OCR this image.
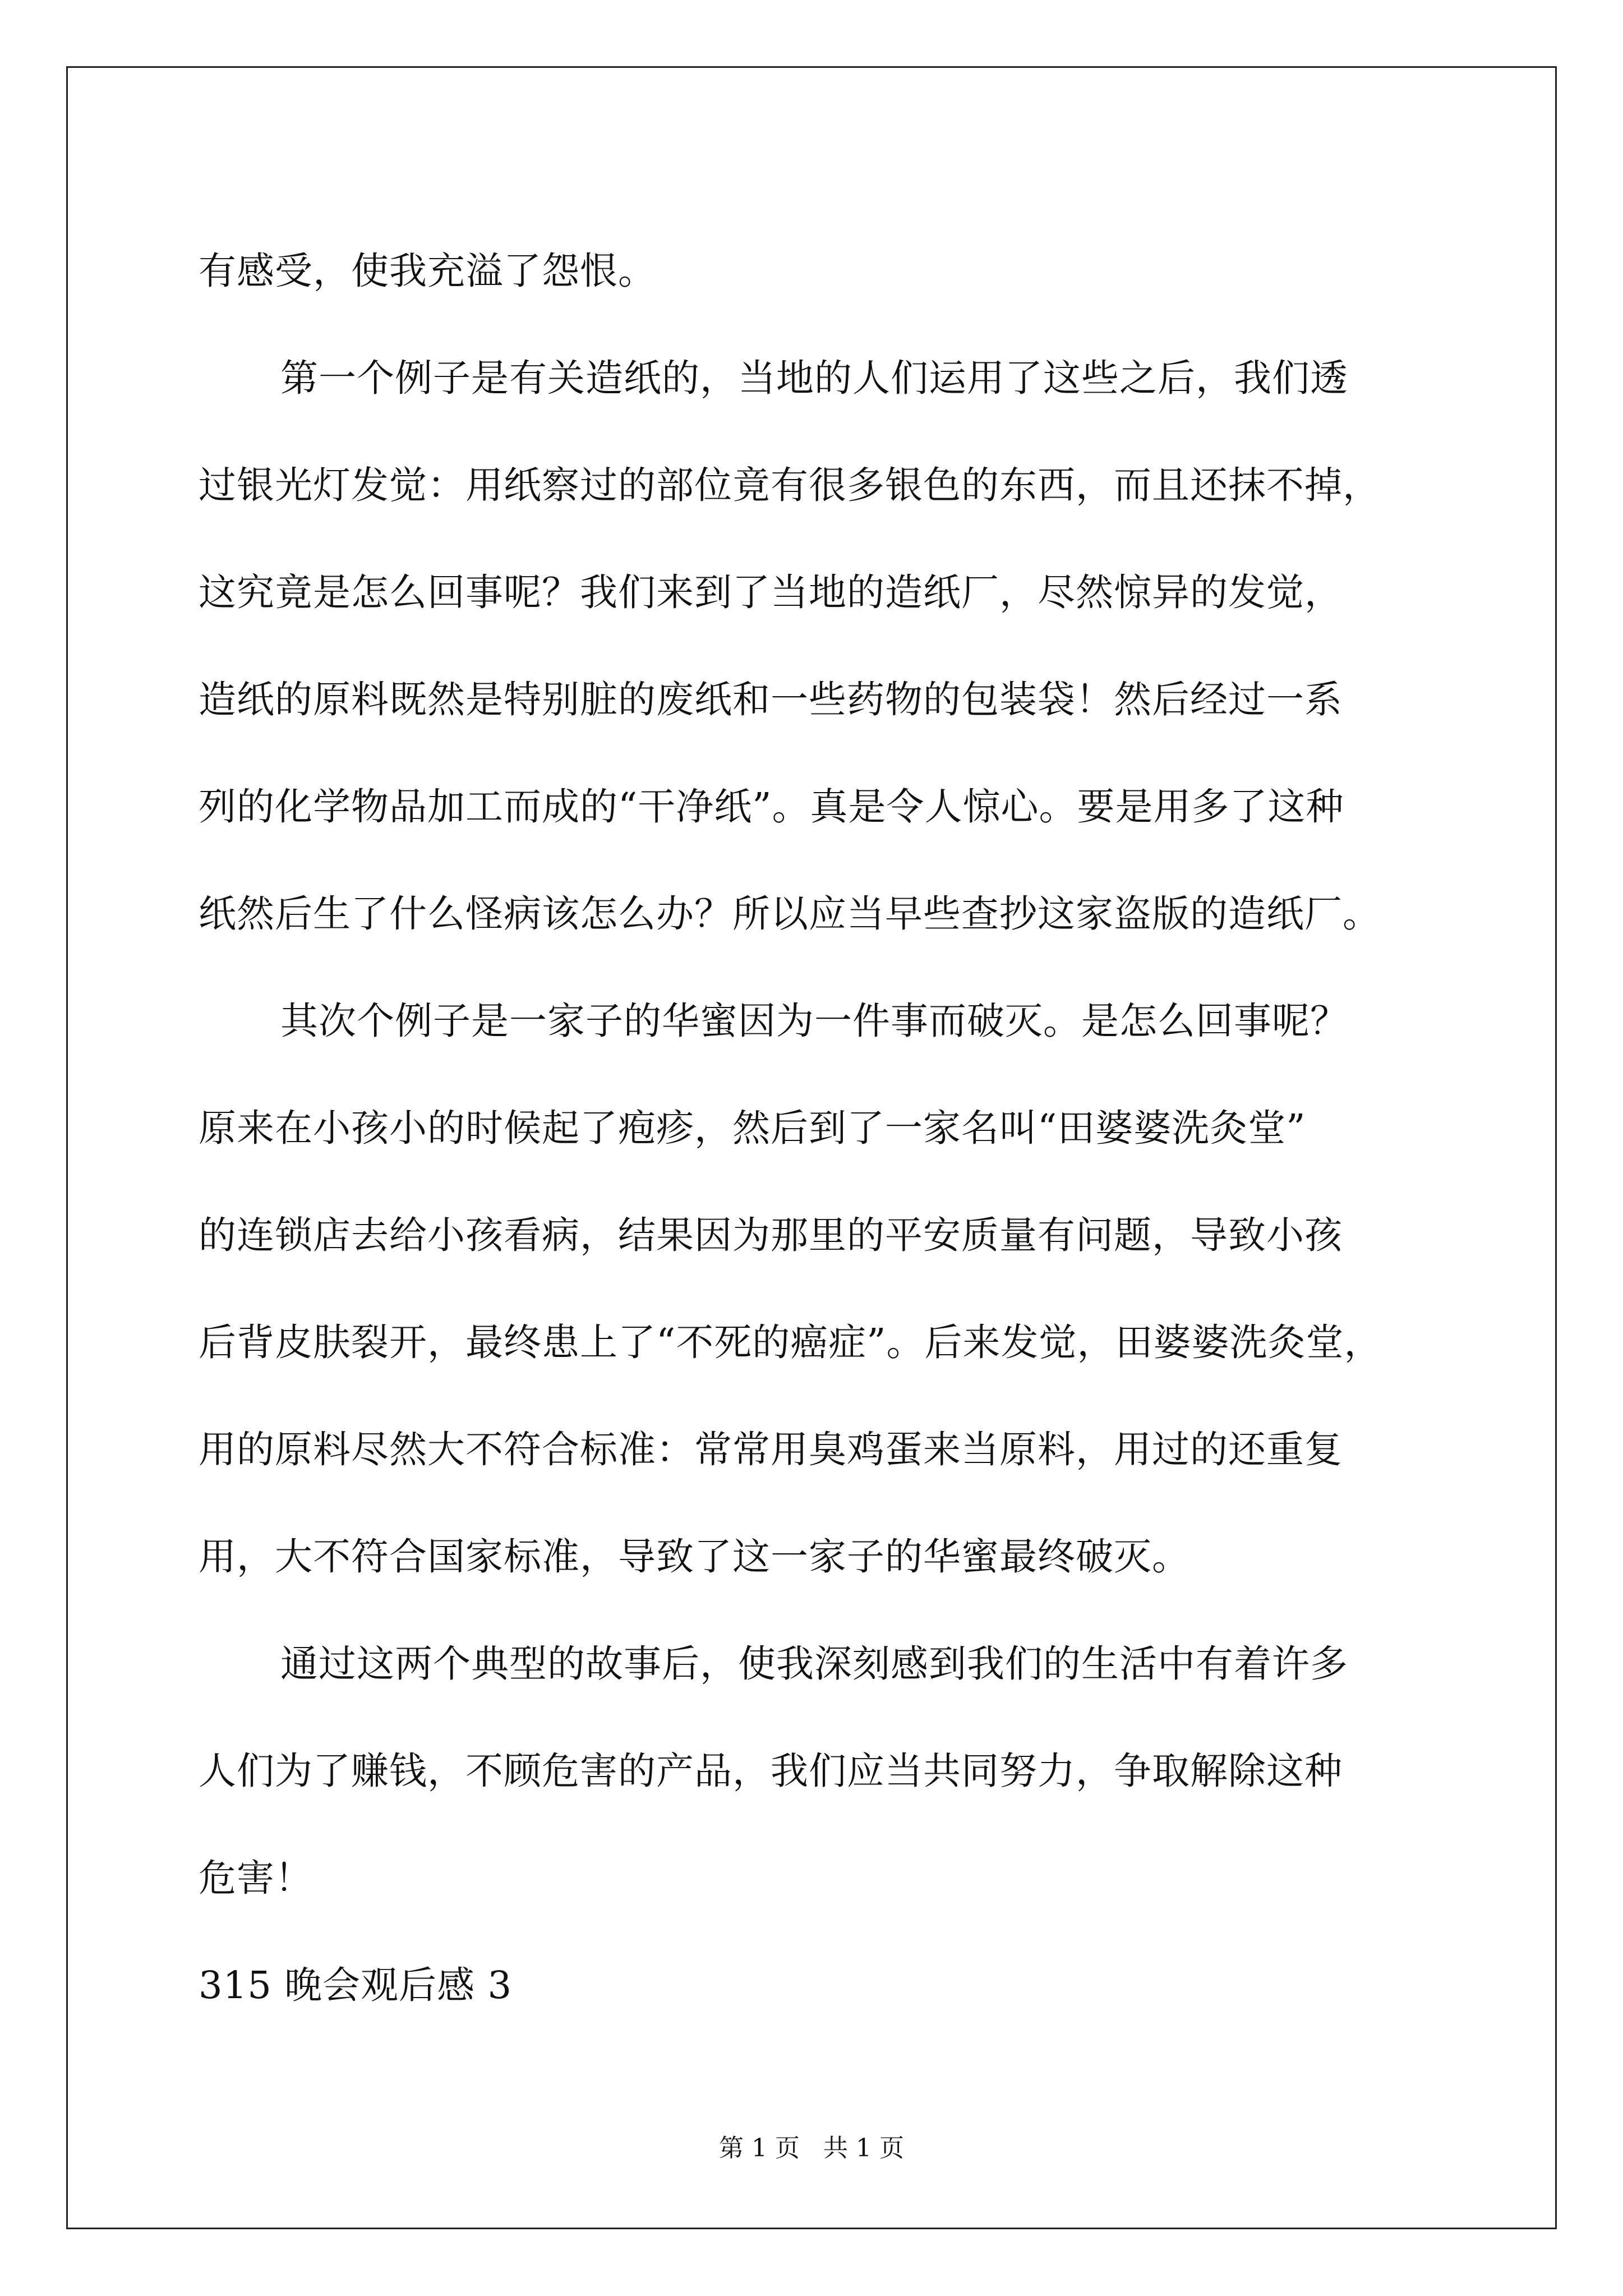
有感受，使我充溢了怨恨。
第一个例子是有关造纸的，当地的人们运用了这些之后，我们透
过银光灯发觉：用纸察过的部位竟有很多银色的东西，而且还抹不掉，
这究竟是怎么回事呢？我们来到了当地的造纸厂，尽然惊异的发觉，
造纸的原料既然是特别脏的废纸和一些药物的包装袋！然后经过一系
列的化学物品加工而成的“干净纸”。真是令人惊心。要是用多了这种
纸然后生了什么怪病该怎么办？所以应当早些查抄这家盗版的造纸厂。
其次个例子是一家子的华蜜因为一件事而破灭。是怎么回事呢？
原来在小孩小的时候起了疱疹，然后到了一家名叫“田婆婆洗灸堂”
的连锁店去给小孩看病，结果因为那里的平安质量有问题，导致小孩
后背皮肤裂开，最终患上了“不死的癌症”。后来发觉，田婆婆洗灸堂，
用的原料尽然大不符合标准：常常用臭鸡蛋来当原料，用过的还重复
用，大不符合国家标准，导致了这一家子的华蜜最终破灭。
通过这两个典型的故事后，使我深刻感到我们的生活中有着许多
人们为了赚钱，不顾危害的产品，我们应当共同努力，争取解除这种
危害！
315 晚会观后感 3
第 1 页 共 1 页
